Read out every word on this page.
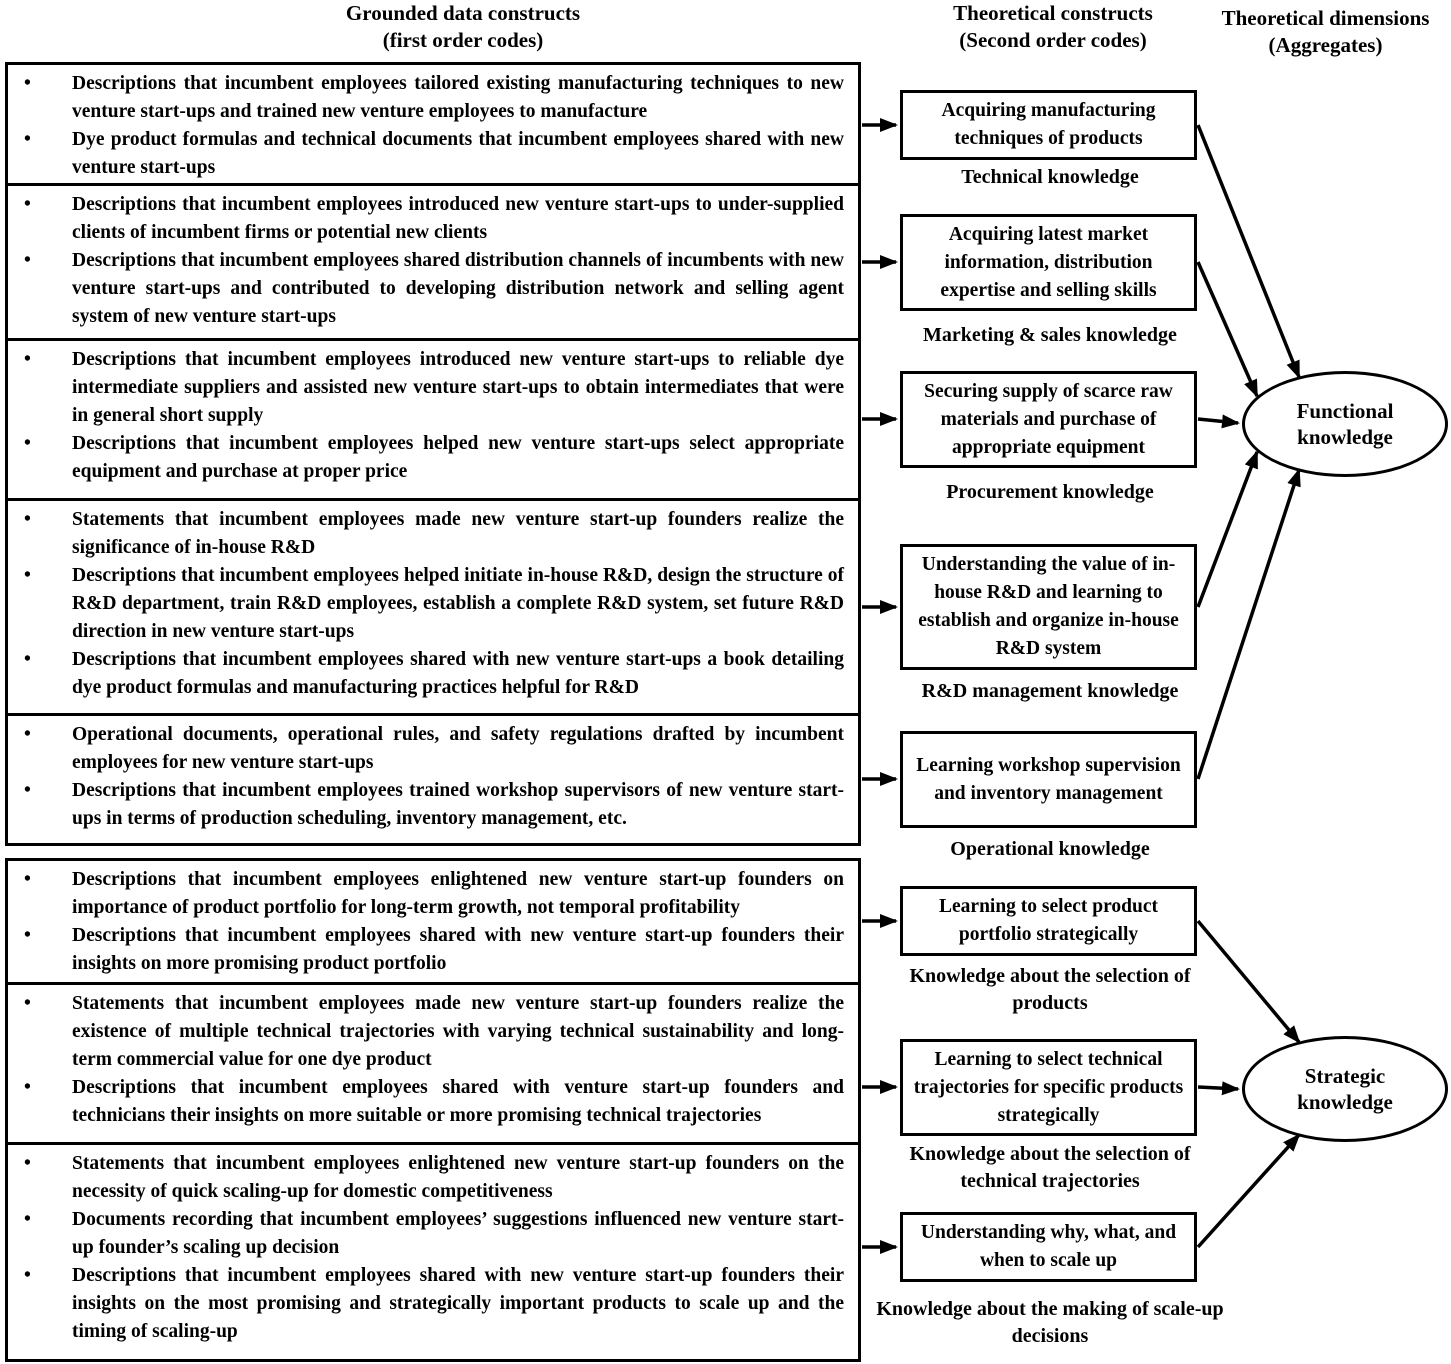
Grounded data constructs
(first order codes)
Theoretical constructs
(Second order codes)
Theoretical dimensions
(Aggregates)
• Descriptions that incumbent employees tailored existing manufacturing techniques to new venture start-ups and trained new venture employees to manufacture
• Dye product formulas and technical documents that incumbent employees shared with new venture start-ups
• Descriptions that incumbent employees introduced new venture start-ups to under-supplied clients of incumbent firms or potential new clients
• Descriptions that incumbent employees shared distribution channels of incumbents with new venture start-ups and contributed to developing distribution network and selling agent system of new venture start-ups
• Descriptions that incumbent employees introduced new venture start-ups to reliable dye intermediate suppliers and assisted new venture start-ups to obtain intermediates that were in general short supply
• Descriptions that incumbent employees helped new venture start-ups select appropriate equipment and purchase at proper price
• Statements that incumbent employees made new venture start-up founders realize the significance of in-house R&D
• Descriptions that incumbent employees helped initiate in-house R&D, design the structure of R&D department, train R&D employees, establish a complete R&D system, set future R&D direction in new venture start-ups
• Descriptions that incumbent employees shared with new venture start-ups a book detailing dye product formulas and manufacturing practices helpful for R&D
• Operational documents, operational rules, and safety regulations drafted by incumbent employees for new venture start-ups
• Descriptions that incumbent employees trained workshop supervisors of new venture start-ups in terms of production scheduling, inventory management, etc.
• Descriptions that incumbent employees enlightened new venture start-up founders on importance of product portfolio for long-term growth, not temporal profitability
• Descriptions that incumbent employees shared with new venture start-up founders their insights on more promising product portfolio
• Statements that incumbent employees made new venture start-up founders realize the existence of multiple technical trajectories with varying technical sustainability and long-term commercial value for one dye product
• Descriptions that incumbent employees shared with venture start-up founders and technicians their insights on more suitable or more promising technical trajectories
• Statements that incumbent employees enlightened new venture start-up founders on the necessity of quick scaling-up for domestic competitiveness
• Documents recording that incumbent employees’ suggestions influenced new venture start-up founder’s scaling up decision
• Descriptions that incumbent employees shared with new venture start-up founders their insights on the most promising and strategically important products to scale up and the timing of scaling-up
Acquiring manufacturing techniques of products
Technical knowledge
Acquiring latest market information, distribution expertise and selling skills
Marketing & sales knowledge
Securing supply of scarce raw materials and purchase of appropriate equipment
Procurement knowledge
Understanding the value of in-house R&D and learning to establish and organize in-house R&D system
R&D management knowledge
Learning workshop supervision and inventory management
Operational knowledge
Learning to select product portfolio strategically
Knowledge about the selection of products
Learning to select technical trajectories for specific products strategically
Knowledge about the selection of technical trajectories
Understanding why, what, and when to scale up
Knowledge about the making of scale-up decisions
Functional knowledge
Strategic knowledge
